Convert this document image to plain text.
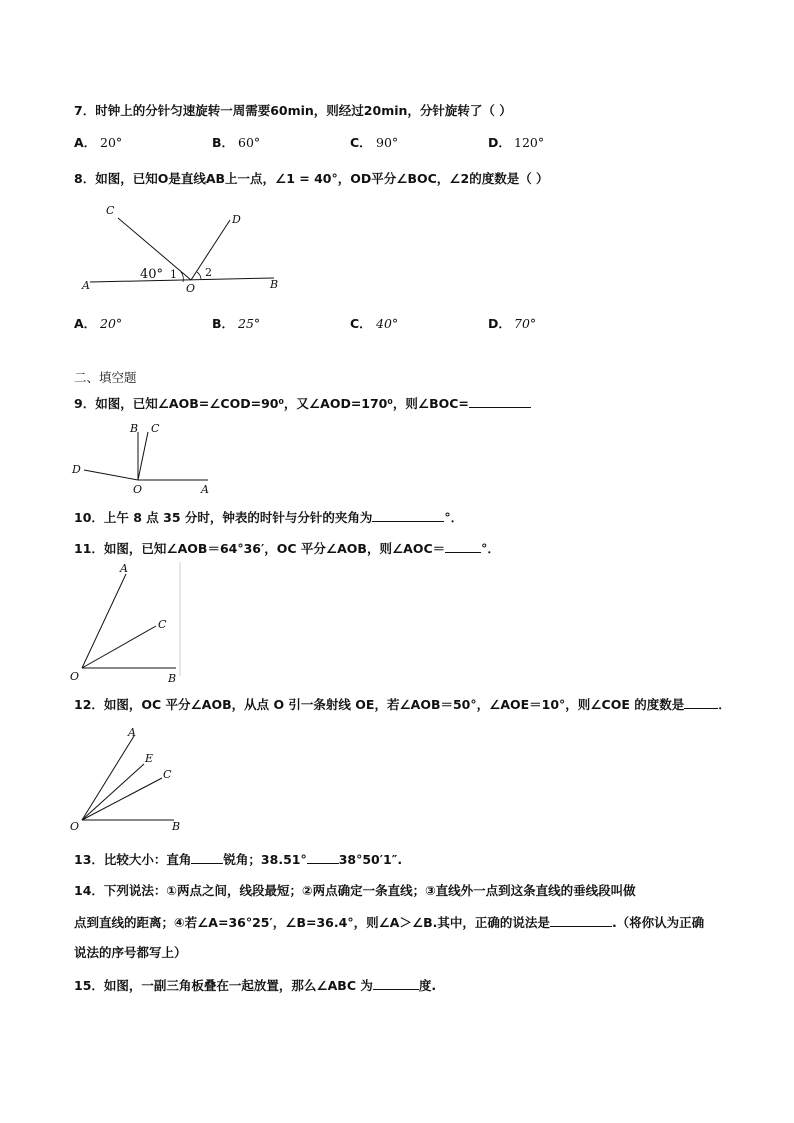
7．时钟上的分针匀速旋转一周需要60min，则经过20min，分针旋转了（ ）
A． 20°	B． 60°	C． 90°	D． 120°
8．如图，已知O是直线AB上一点，∠1 = 40°，OD平分∠BOC，∠2的度数是（ ）
C
D
A	O	B
1	2
40°
A． 20°	B． 25°	C． 40°	D． 70°
二、填空题
9．如图，已知∠AOB=∠COD=90⁰，又∠AOD=170⁰，则∠BOC=
B C
D
O	A
10．上午 8 点 35 分时，钟表的时针与分针的夹角为	°．
11．如图，已知∠AOB＝64°36′，OC 平分∠AOB，则∠AOC＝	°．
A
C
O	B
12．如图，OC 平分∠AOB，从点 O 引一条射线 OE，若∠AOB＝50°，∠AOE＝10°，则∠COE 的度数是	．
A
E
C
O	B
13．比较大小：直角	锐角；38.51°	38°50′1″.
14．下列说法：①两点之间，线段最短；②两点确定一条直线；③直线外一点到这条直线的垂线段叫做
点到直线的距离；④若∠A=36°25′，∠B=36.4°，则∠A＞∠B.其中，正确的说法是	.（将你认为正确
说法的序号都写上）
15．如图，一副三角板叠在一起放置，那么∠ABC 为	度.
